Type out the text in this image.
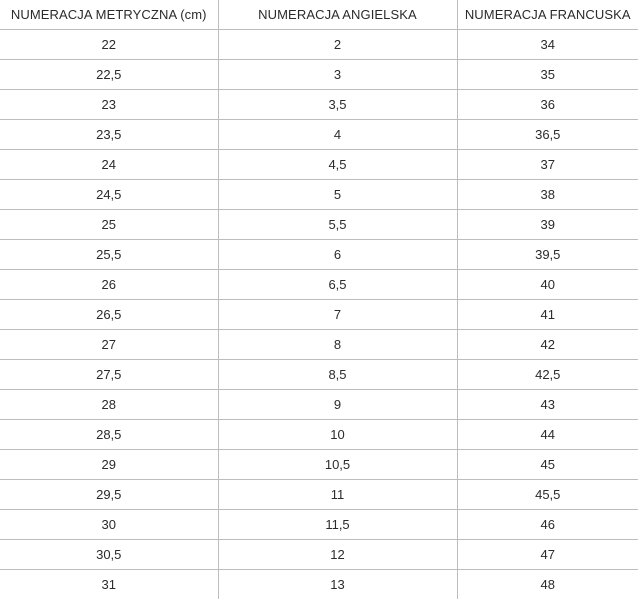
NUMERACJA METRYCZNA (cm)	NUMERACJA ANGIELSKA	NUMERACJA FRANCUSKA
22	2	34
22,5	3	35
23	3,5	36
23,5	4	36,5
24	4,5	37
24,5	5	38
25	5,5	39
25,5	6	39,5
26	6,5	40
26,5	7	41
27	8	42
27,5	8,5	42,5
28	9	43
28,5	10	44
29	10,5	45
29,5	11	45,5
30	11,5	46
30,5	12	47
31	13	48
